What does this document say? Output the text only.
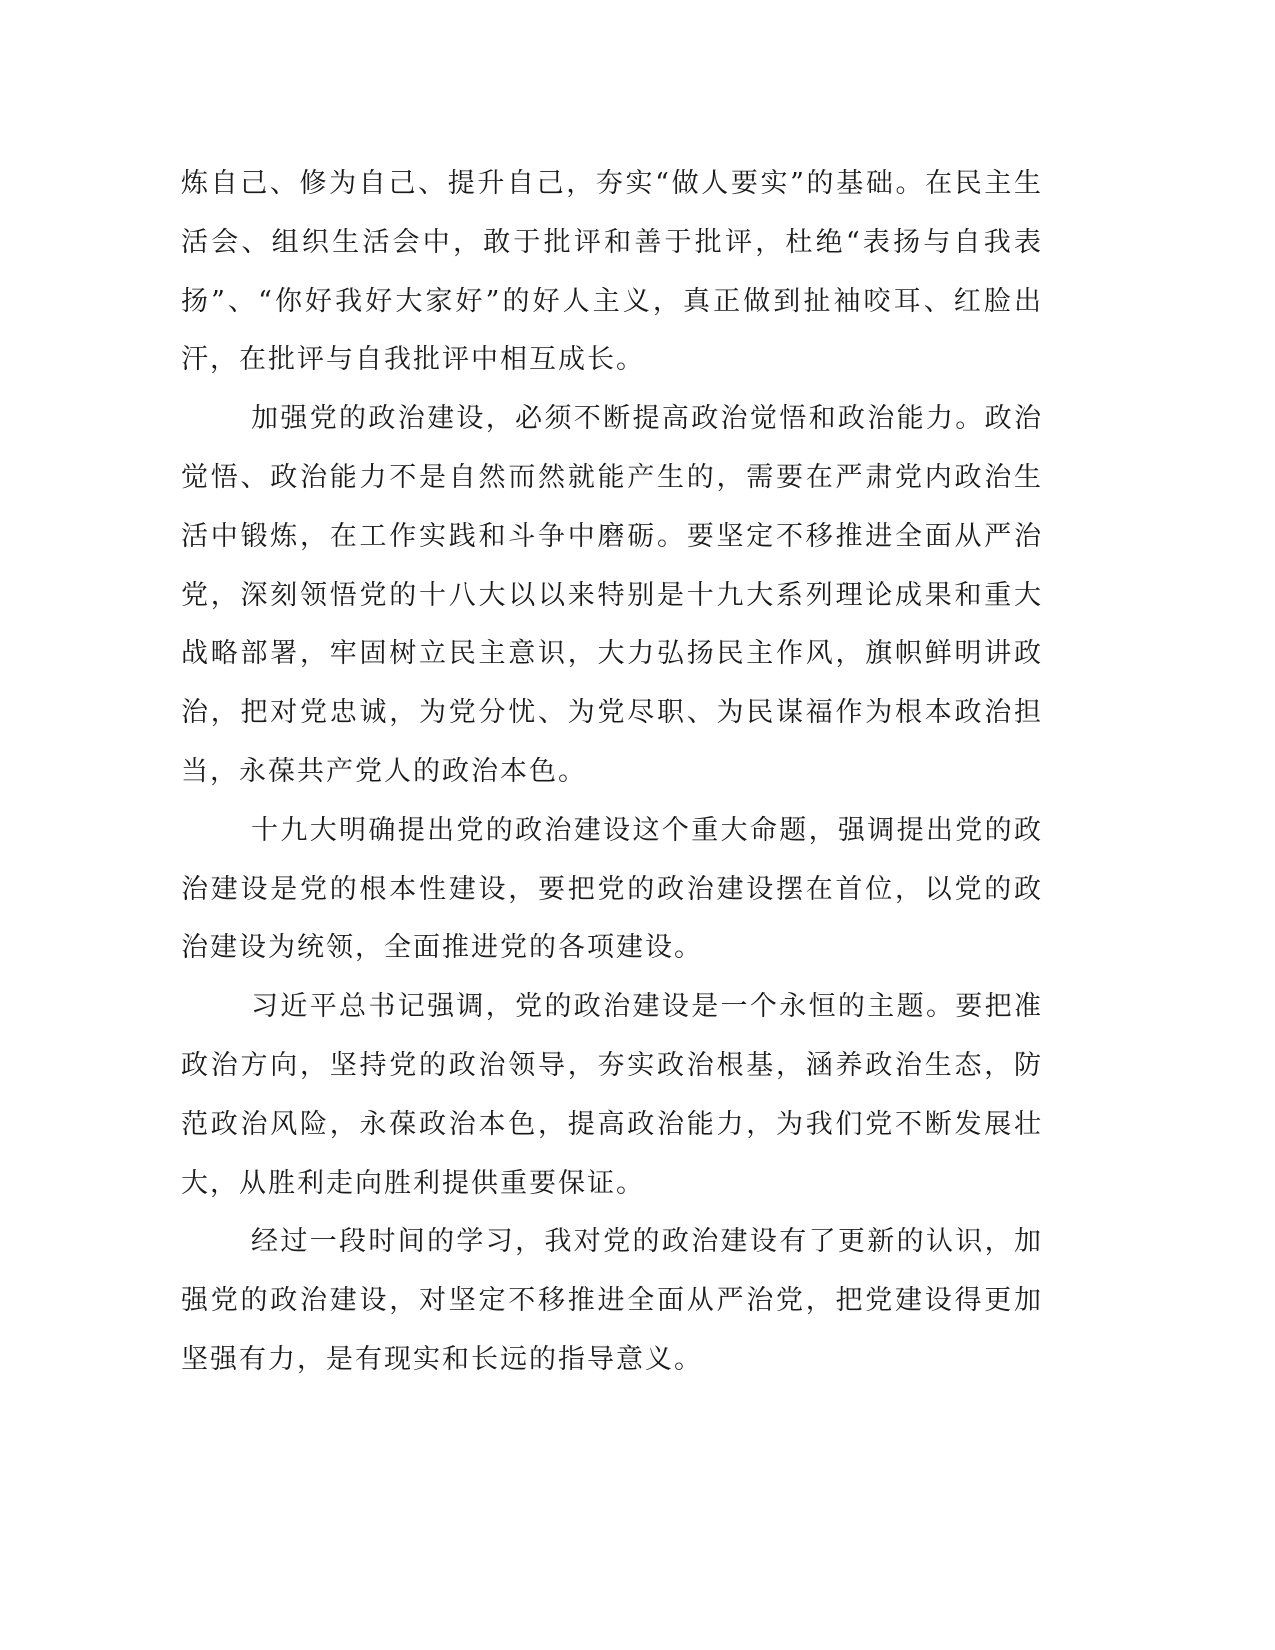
炼自己、修为自己、提升自己，夯实“做人要实”的基础。在民主生活会、组织生活会中，敢于批评和善于批评，杜绝“表扬与自我表扬”、“你好我好大家好”的好人主义，真正做到扯袖咬耳、红脸出汗，在批评与自我批评中相互成长。

加强党的政治建设，必须不断提高政治觉悟和政治能力。政治觉悟、政治能力不是自然而然就能产生的，需要在严肃党内政治生活中锻炼，在工作实践和斗争中磨砺。要坚定不移推进全面从严治党，深刻领悟党的十八大以以来特别是十九大系列理论成果和重大战略部署，牢固树立民主意识，大力弘扬民主作风，旗帜鲜明讲政治，把对党忠诚，为党分忧、为党尽职、为民谋福作为根本政治担当，永葆共产党人的政治本色。

十九大明确提出党的政治建设这个重大命题，强调提出党的政治建设是党的根本性建设，要把党的政治建设摆在首位，以党的政治建设为统领，全面推进党的各项建设。

习近平总书记强调，党的政治建设是一个永恒的主题。要把准政治方向，坚持党的政治领导，夯实政治根基，涵养政治生态，防范政治风险，永葆政治本色，提高政治能力，为我们党不断发展壮大，从胜利走向胜利提供重要保证。

经过一段时间的学习，我对党的政治建设有了更新的认识，加强党的政治建设，对坚定不移推进全面从严治党，把党建设得更加坚强有力，是有现实和长远的指导意义。
